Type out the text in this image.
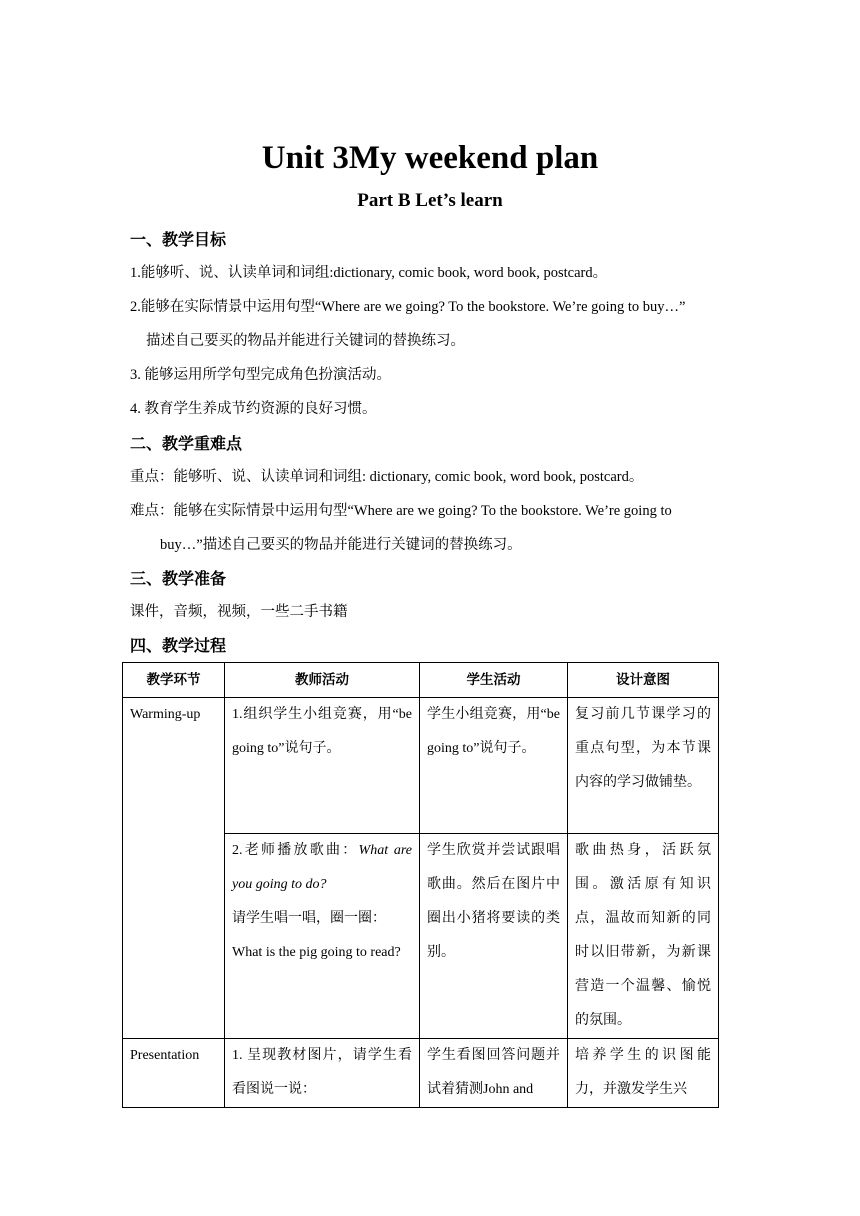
Unit 3My weekend plan
Part B Let’s learn
一、教学目标
1.能够听、说、认读单词和词组:dictionary, comic book, word book, postcard。
2.能够在实际情景中运用句型“Where are we going? To the bookstore. We’re going to buy…”
描述自己要买的物品并能进行关键词的替换练习。
3. 能够运用所学句型完成角色扮演活动。
4. 教育学生养成节约资源的良好习惯。
二、教学重难点
重点：能够听、说、认读单词和词组: dictionary, comic book, word book, postcard。
难点：能够在实际情景中运用句型“Where are we going? To the bookstore. We’re going to
buy…”描述自己要买的物品并能进行关键词的替换练习。
三、教学准备
课件，音频，视频，一些二手书籍
四、教学过程
教学环节	教师活动	学生活动	设计意图
Warming-up	1.组织学生小组竞赛，用“be going to”说句子。	学生小组竞赛，用“be going to”说句子。	复习前几节课学习的重点句型，为本节课内容的学习做铺垫。
	2.老师播放歌曲：What are you going to do?
请学生唱一唱，圈一圈：
What is the pig going to read?	学生欣赏并尝试跟唱歌曲。然后在图片中圈出小猪将要读的类别。	歌曲热身，活跃氛围。激活原有知识点，温故而知新的同时以旧带新，为新课营造一个温馨、愉悦的氛围。
Presentation	1. 呈现教材图片，请学生看看图说一说：	学生看图回答问题并试着猜测John and	培养学生的识图能力，并激发学生兴
